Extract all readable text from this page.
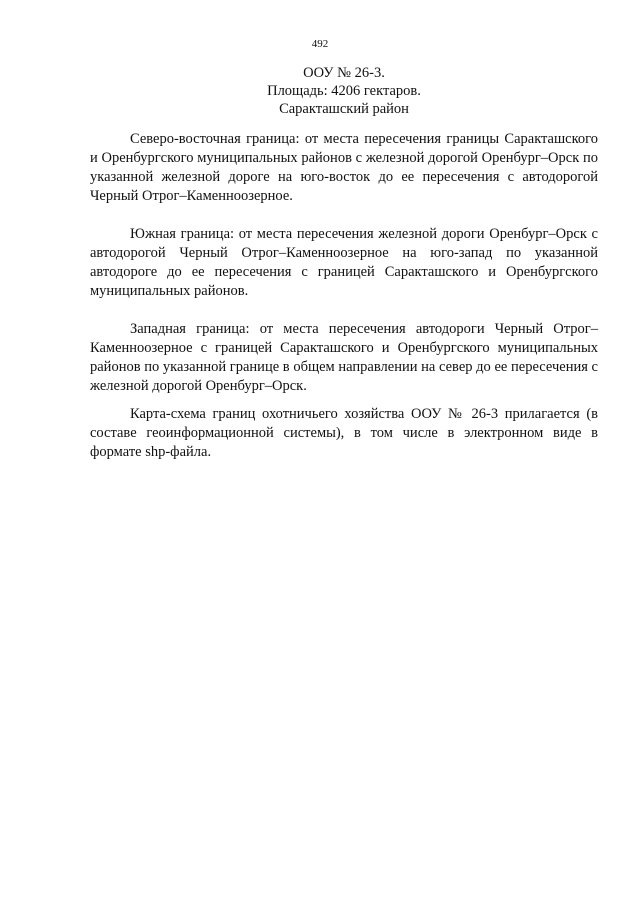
492
ООУ № 26-3.
Площадь: 4206 гектаров.
Саракташский район

Северо-восточная граница: от места пересечения границы Саракташского и Оренбургского муниципальных районов с железной дорогой Оренбург–Орск по указанной железной дороге на юго-восток до ее пересечения с автодорогой Черный Отрог–Каменноозерное.

Южная граница: от места пересечения железной дороги Оренбург–Орск с автодорогой Черный Отрог–Каменноозерное на юго-запад по указанной автодороге до ее пересечения с границей Саракташского и Оренбургского муниципальных районов.

Западная граница: от места пересечения автодороги Черный Отрог–Каменноозерное с границей Саракташского и Оренбургского муниципальных районов по указанной границе в общем направлении на север до ее пересечения с железной дорогой Оренбург–Орск.

Карта-схема границ охотничьего хозяйства ООУ № 26-3 прилагается (в составе геоинформационной системы), в том числе в электронном виде в формате shp-файла.
